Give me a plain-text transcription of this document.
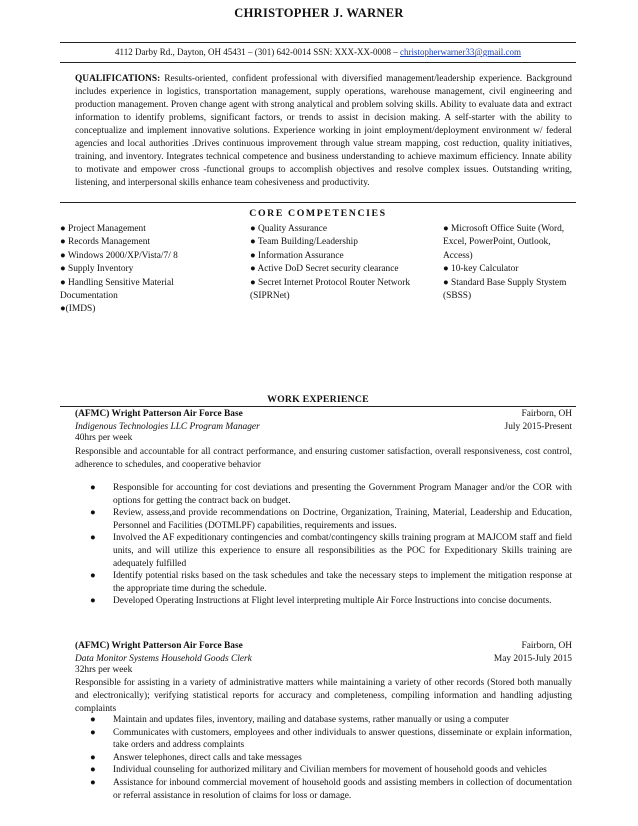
CHRISTOPHER J. WARNER
4112 Darby Rd., Dayton, OH 45431 – (301) 642-0014 SSN: XXX-XX-0008 – christopherwarner33@gmail.com
QUALIFICATIONS: Results-oriented, confident professional with diversified management/leadership experience. Background includes experience in logistics, transportation management, supply operations, warehouse management, civil engineering and production management. Proven change agent with strong analytical and problem solving skills. Ability to evaluate data and extract information to identify problems, significant factors, or trends to assist in decision making. A self-starter with the ability to conceptualize and implement innovative solutions. Experience working in joint employment/deployment environment w/ federal agencies and local authorities .Drives continuous improvement through value stream mapping, cost reduction, quality initiatives, training, and inventory. Integrates technical competence and business understanding to achieve maximum efficiency. Innate ability to motivate and empower cross -functional groups to accomplish objectives and resolve complex issues. Outstanding writing, listening, and interpersonal skills enhance team cohesiveness and productivity.
CORE COMPETENCIES
● Project Management
● Records Management
● Windows 2000/XP/Vista/7/ 8
● Supply Inventory
● Handling Sensitive Material
Documentation
●(IMDS)
● Quality Assurance
● Team Building/Leadership
● Information Assurance
● Active DoD Secret security clearance
● Secret Internet Protocol Router Network
(SIPRNet)
● Microsoft Office Suite (Word,
Excel, PowerPoint, Outlook,
Access)
● 10-key Calculator
● Standard Base Supply Stystem
(SBSS)
WORK EXPERIENCE
(AFMC) Wright Patterson Air Force Base	Fairborn, OH
Indigenous Technologies LLC Program Manager	July 2015-Present
40hrs per week
Responsible and accountable for all contract performance, and ensuring customer satisfaction, overall responsiveness, cost control, adherence to schedules, and cooperative behavior
● Responsible for accounting for cost deviations and presenting the Government Program Manager and/or the COR with options for getting the contract back on budget.
● Review, assess,and provide recommendations on Doctrine, Organization, Training, Material, Leadership and Education, Personnel and Facilities (DOTMLPF) capabilities, requirements and issues.
● Involved the AF expeditionary contingencies and combat/contingency skills training program at MAJCOM staff and field units, and will utilize this experience to ensure all responsibilities as the POC for Expeditionary Skills training are adequately fulfilled
● Identify potential risks based on the task schedules and take the necessary steps to implement the mitigation response at the appropriate time during the schedule.
● Developed Operating Instructions at Flight level interpreting multiple Air Force Instructions into concise documents.
(AFMC) Wright Patterson Air Force Base	Fairborn, OH
Data Monitor Systems Household Goods Clerk	May 2015-July 2015
32hrs per week
Responsible for assisting in a variety of administrative matters while maintaining a variety of other records (Stored both manually and electronically); verifying statistical reports for accuracy and completeness, compiling information and handling adjusting complaints
● Maintain and updates files, inventory, mailing and database systems, rather manually or using a computer
● Communicates with customers, employees and other individuals to answer questions, disseminate or explain information, take orders and address complaints
● Answer telephones, direct calls and take messages
● Individual counseling for authorized military and Civilian members for movement of household goods and vehicles
● Assistance for inbound commercial movement of household goods and assisting members in collection of documentation or referral assistance in resolution of claims for loss or damage.
